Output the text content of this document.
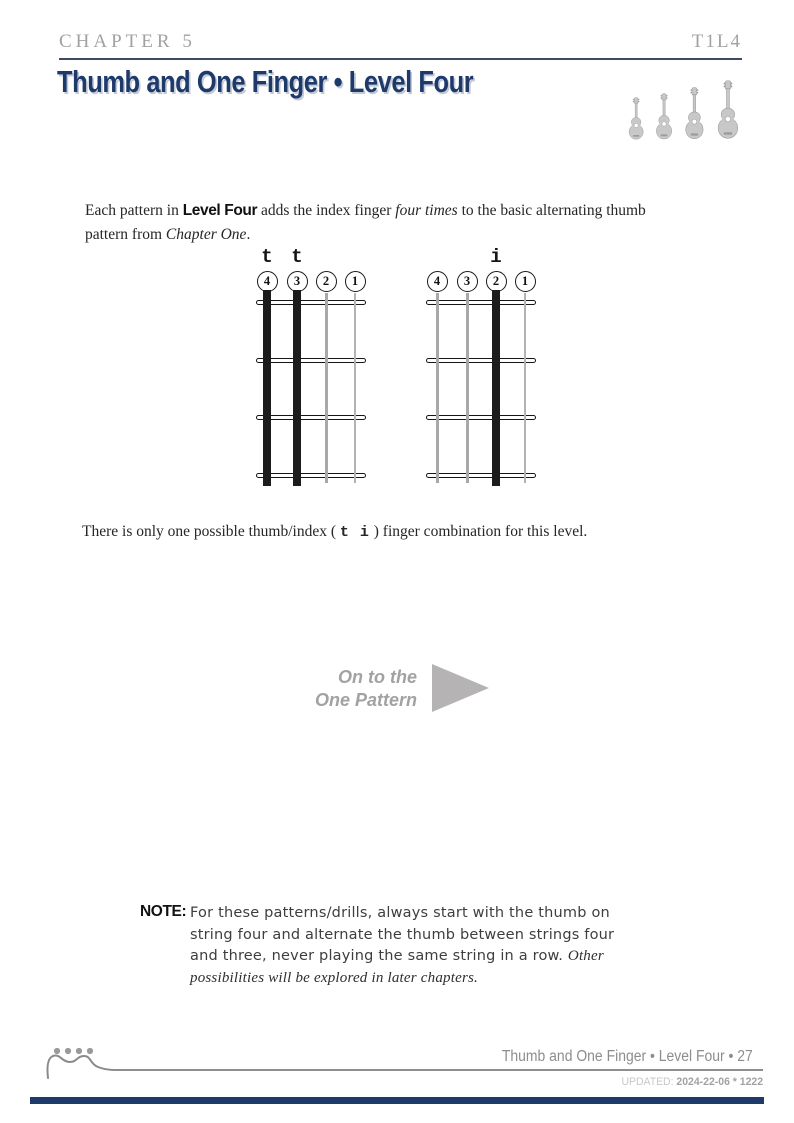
CHAPTER 5	T1L4
Thumb and One Finger • Level Four

Each pattern in Level Four adds the index finger four times to the basic alternating thumb pattern from Chapter One.

t t
4	3	2	1
i
4	3	2	1

There is only one possible thumb/index ( t i ) finger combination for this level.

On to the
One Pattern
NOTE: For these patterns/drills, always start with the thumb on string four and alternate the thumb between strings four and three, never playing the same string in a row. Other possibilities will be explored in later chapters.
Thumb and One Finger • Level Four • 27
UPDATED: 2024-22-06 * 1222
